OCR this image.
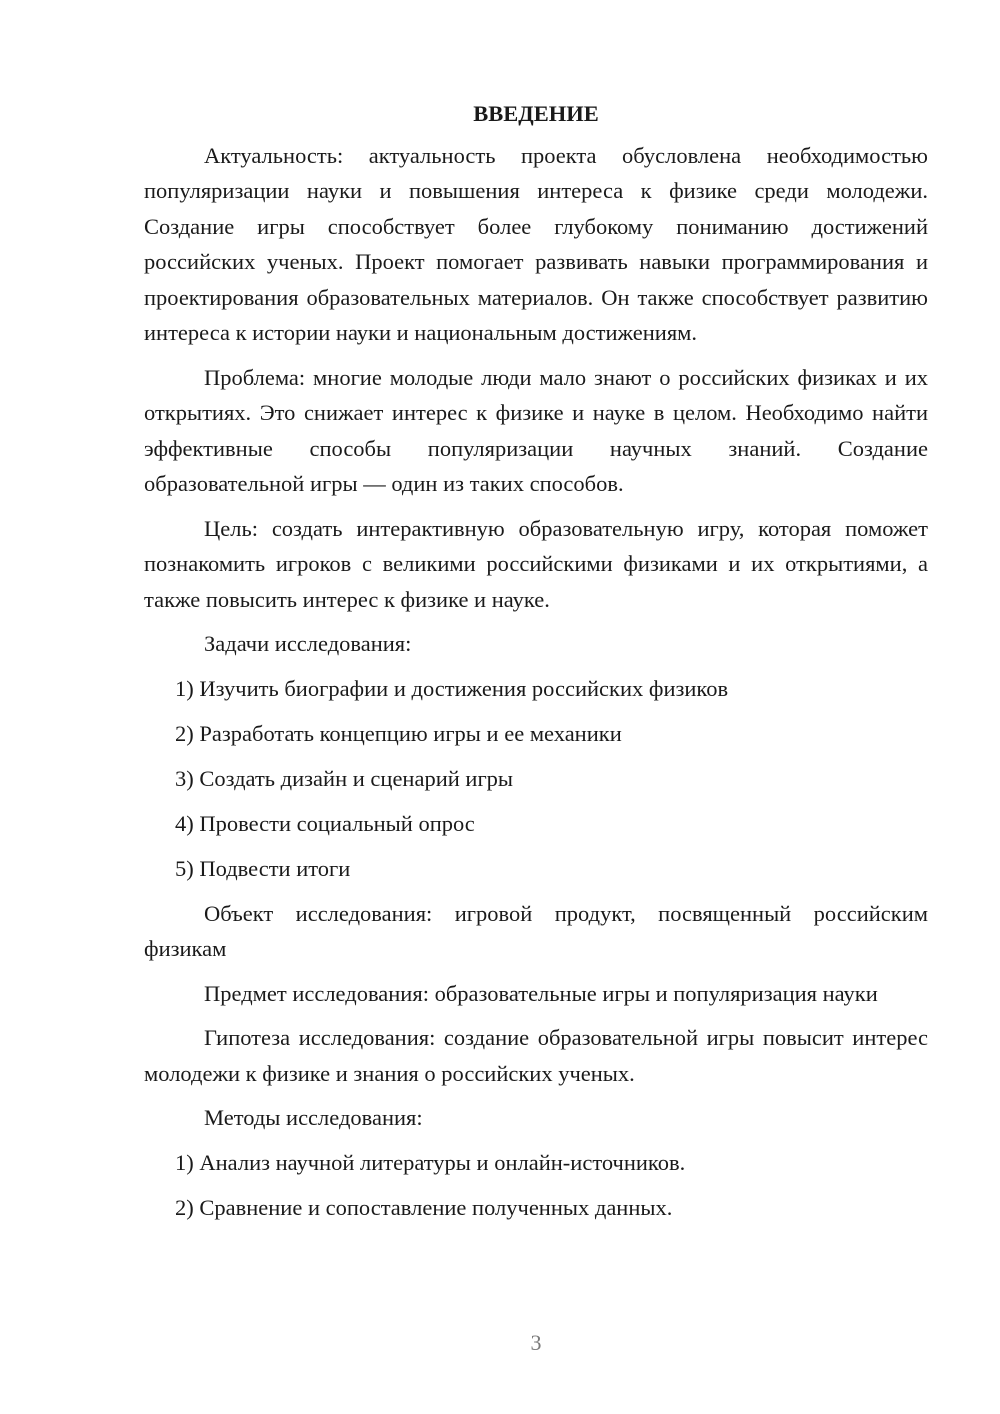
ВВЕДЕНИЕ

Актуальность: актуальность проекта обусловлена необходимостью популяризации науки и повышения интереса к физике среди молодежи. Создание игры способствует более глубокому пониманию достижений российских ученых. Проект помогает развивать навыки программирования и проектирования образовательных материалов. Он также способствует развитию интереса к истории науки и национальным достижениям.

Проблема: многие молодые люди мало знают о российских физиках и их открытиях. Это снижает интерес к физике и науке в целом. Необходимо найти эффективные способы популяризации научных знаний. Создание образовательной игры — один из таких способов.

Цель: создать интерактивную образовательную игру, которая поможет познакомить игроков с великими российскими физиками и их открытиями, а также повысить интерес к физике и науке.

Задачи исследования:

1) Изучить биографии и достижения российских физиков
2) Разработать концепцию игры и ее механики
3) Создать дизайн и сценарий игры
4) Провести социальный опрос
5) Подвести итоги

Объект исследования: игровой продукт, посвященный российским физикам

Предмет исследования: образовательные игры и популяризация науки

Гипотеза исследования: создание образовательной игры повысит интерес молодежи к физике и знания о российских ученых.

Методы исследования:

1) Анализ научной литературы и онлайн-источников.
2) Сравнение и сопоставление полученных данных.
3
